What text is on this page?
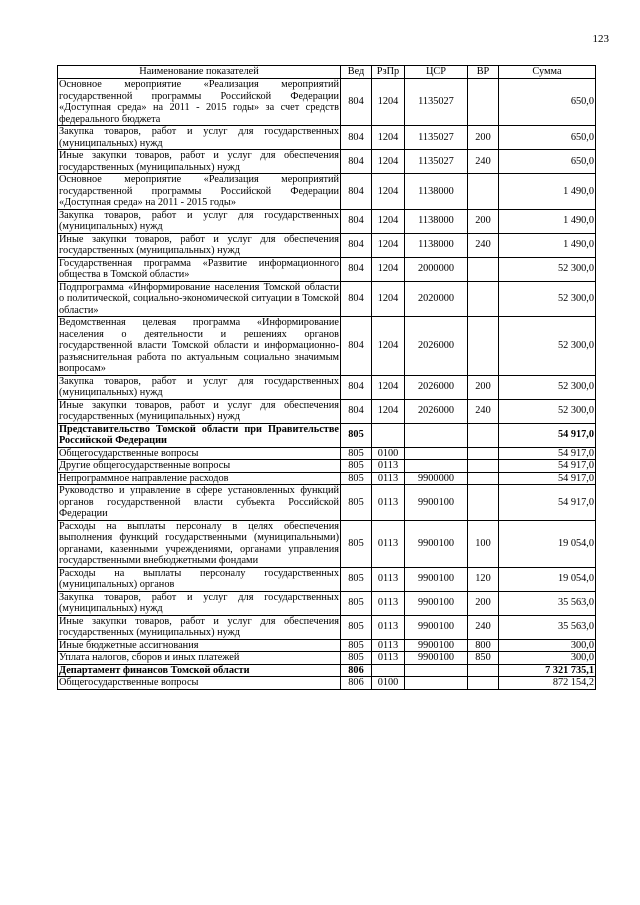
123
Наименование показателей	Вед	РзПр	ЦСР	ВР	Сумма
Основное мероприятие «Реализация мероприятий государственной программы Российской Федерации «Доступная среда» на 2011 - 2015 годы» за счет средств федерального бюджета	804	1204	1135027		650,0
Закупка товаров, работ и услуг для государственных (муниципальных) нужд	804	1204	1135027	200	650,0
Иные закупки товаров, работ и услуг для обеспечения государственных (муниципальных) нужд	804	1204	1135027	240	650,0
Основное мероприятие «Реализация мероприятий государственной программы Российской Федерации «Доступная среда» на 2011 - 2015 годы»	804	1204	1138000		1 490,0
Закупка товаров, работ и услуг для государственных (муниципальных) нужд	804	1204	1138000	200	1 490,0
Иные закупки товаров, работ и услуг для обеспечения государственных (муниципальных) нужд	804	1204	1138000	240	1 490,0
Государственная программа «Развитие информационного общества в Томской области»	804	1204	2000000		52 300,0
Подпрограмма «Информирование населения Томской области о политической, социально-экономической ситуации в Томской области»	804	1204	2020000		52 300,0
Ведомственная целевая программа «Информирование населения о деятельности и решениях органов государственной власти Томской области и информационно-разъяснительная работа по актуальным социально значимым вопросам»	804	1204	2026000		52 300,0
Закупка товаров, работ и услуг для государственных (муниципальных) нужд	804	1204	2026000	200	52 300,0
Иные закупки товаров, работ и услуг для обеспечения государственных (муниципальных) нужд	804	1204	2026000	240	52 300,0
Представительство Томской области при Правительстве Российской Федерации	805				54 917,0
Общегосударственные вопросы	805	0100			54 917,0
Другие общегосударственные вопросы	805	0113			54 917,0
Непрограммное направление расходов	805	0113	9900000		54 917,0
Руководство и управление в сфере установленных функций органов государственной власти субъекта Российской Федерации	805	0113	9900100		54 917,0
Расходы на выплаты персоналу в целях обеспечения выполнения функций государственными (муниципальными) органами, казенными учреждениями, органами управления государственными внебюджетными фондами	805	0113	9900100	100	19 054,0
Расходы на выплаты персоналу государственных (муниципальных) органов	805	0113	9900100	120	19 054,0
Закупка товаров, работ и услуг для государственных (муниципальных) нужд	805	0113	9900100	200	35 563,0
Иные закупки товаров, работ и услуг для обеспечения государственных (муниципальных) нужд	805	0113	9900100	240	35 563,0
Иные бюджетные ассигнования	805	0113	9900100	800	300,0
Уплата налогов, сборов и иных платежей	805	0113	9900100	850	300,0
Департамент финансов Томской области	806				7 321 735,1
Общегосударственные вопросы	806	0100			872 154,2
